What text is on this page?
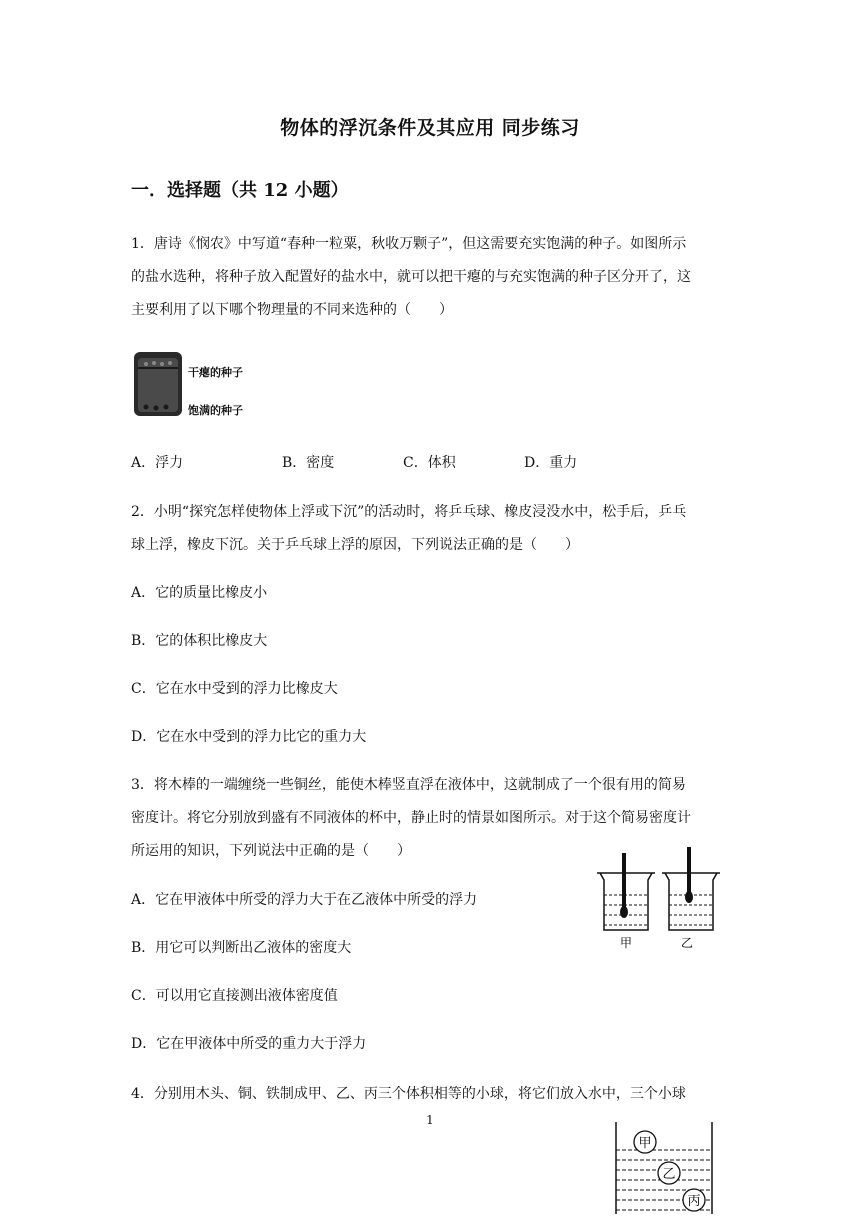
物体的浮沉条件及其应用 同步练习
一．选择题（共 12 小题）
1．唐诗《悯农》中写道“春种一粒粟，秋收万颗子”，但这需要充实饱满的种子。如图所示
的盐水选种，将种子放入配置好的盐水中，就可以把干瘪的与充实饱满的种子区分开了，这
主要利用了以下哪个物理量的不同来选种的（　　）
干瘪的种子
饱满的种子
A．浮力	B．密度	C．体积	D．重力
2．小明“探究怎样使物体上浮或下沉”的活动时，将乒乓球、橡皮浸没水中，松手后，乒乓
球上浮，橡皮下沉。关于乒乓球上浮的原因，下列说法正确的是（　　）
A．它的质量比橡皮小
B．它的体积比橡皮大
C．它在水中受到的浮力比橡皮大
D．它在水中受到的浮力比它的重力大
3．将木棒的一端缠绕一些铜丝，能使木棒竖直浮在液体中，这就制成了一个很有用的简易
密度计。将它分别放到盛有不同液体的杯中，静止时的情景如图所示。对于这个简易密度计
所运用的知识，下列说法中正确的是（　　）
A．它在甲液体中所受的浮力大于在乙液体中所受的浮力
B．用它可以判断出乙液体的密度大
C．可以用它直接测出液体密度值
D．它在甲液体中所受的重力大于浮力
甲	乙
4．分别用木头、铜、铁制成甲、乙、丙三个体积相等的小球，将它们放入水中，三个小球
甲
乙
丙
1
